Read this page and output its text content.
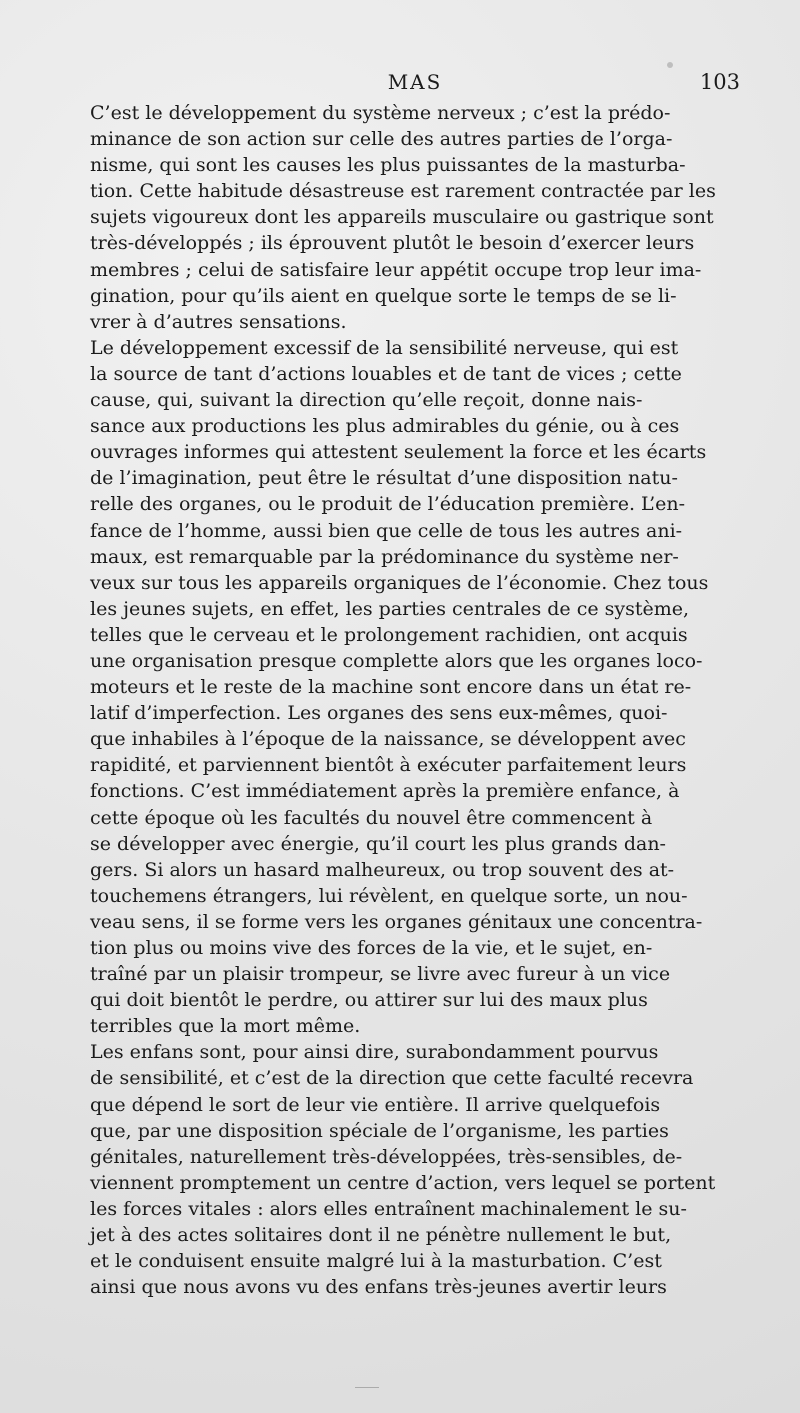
MAS	103

C’est le développement du système nerveux ; c’est la prédo-
minance de son action sur celle des autres parties de l’orga-
nisme, qui sont les causes les plus puissantes de la masturba-
tion. Cette habitude désastreuse est rarement contractée par les
sujets vigoureux dont les appareils musculaire ou gastrique sont
très-développés ; ils éprouvent plutôt le besoin d’exercer leurs
membres ; celui de satisfaire leur appétit occupe trop leur ima-
gination, pour qu’ils aient en quelque sorte le temps de se li-
vrer à d’autres sensations.

Le développement excessif de la sensibilité nerveuse, qui est
la source de tant d’actions louables et de tant de vices ; cette
cause, qui, suivant la direction qu’elle reçoit, donne nais-
sance aux productions les plus admirables du génie, ou à ces
ouvrages informes qui attestent seulement la force et les écarts
de l’imagination, peut être le résultat d’une disposition natu-
relle des organes, ou le produit de l’éducation première. L’en-
fance de l’homme, aussi bien que celle de tous les autres ani-
maux, est remarquable par la prédominance du système ner-
veux sur tous les appareils organiques de l’économie. Chez tous
les jeunes sujets, en effet, les parties centrales de ce système,
telles que le cerveau et le prolongement rachidien, ont acquis
une organisation presque complette alors que les organes loco-
moteurs et le reste de la machine sont encore dans un état re-
latif d’imperfection. Les organes des sens eux-mêmes, quoi-
que inhabiles à l’époque de la naissance, se développent avec
rapidité, et parviennent bientôt à exécuter parfaitement leurs
fonctions. C’est immédiatement après la première enfance, à
cette époque où les facultés du nouvel être commencent à
se développer avec énergie, qu’il court les plus grands dan-
gers. Si alors un hasard malheureux, ou trop souvent des at-
touchemens étrangers, lui révèlent, en quelque sorte, un nou-
veau sens, il se forme vers les organes génitaux une concentra-
tion plus ou moins vive des forces de la vie, et le sujet, en-
traîné par un plaisir trompeur, se livre avec fureur à un vice
qui doit bientôt le perdre, ou attirer sur lui des maux plus
terribles que la mort même.

Les enfans sont, pour ainsi dire, surabondamment pourvus
de sensibilité, et c’est de la direction que cette faculté recevra
que dépend le sort de leur vie entière. Il arrive quelquefois
que, par une disposition spéciale de l’organisme, les parties
génitales, naturellement très-développées, très-sensibles, de-
viennent promptement un centre d’action, vers lequel se portent
les forces vitales : alors elles entraînent machinalement le su-
jet à des actes solitaires dont il ne pénètre nullement le but,
et le conduisent ensuite malgré lui à la masturbation. C’est
ainsi que nous avons vu des enfans très-jeunes avertir leurs
